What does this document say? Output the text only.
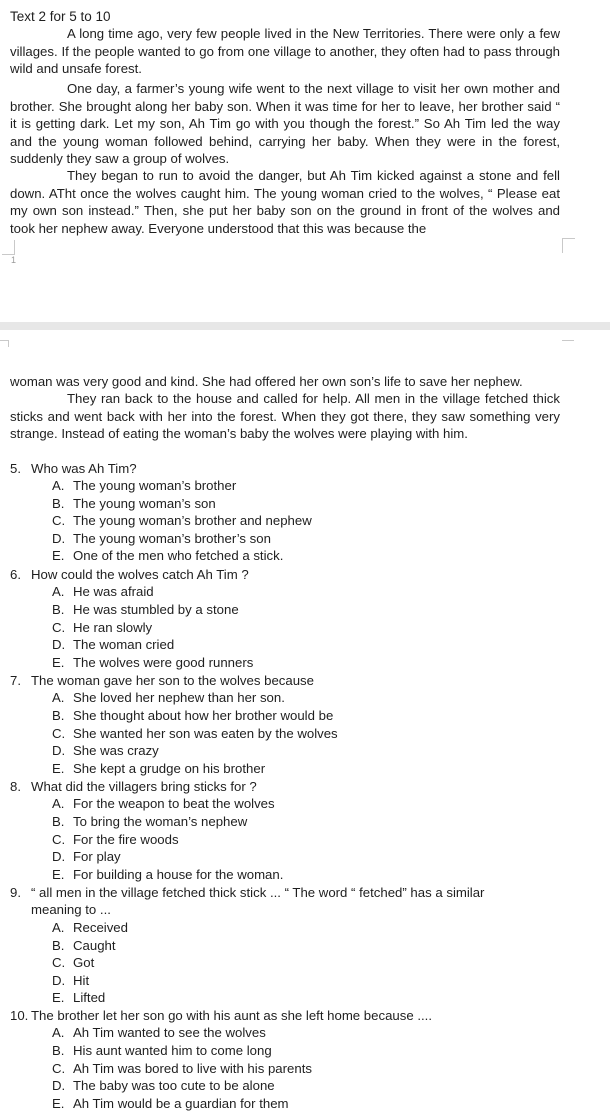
Text 2 for 5 to 10

A long time ago, very few people lived in the New Territories. There were only a few villages. If the people wanted to go from one village to another, they often had to pass through wild and unsafe forest.

One day, a farmer’s young wife went to the next village to visit her own mother and brother. She brought along her baby son. When it was time for her to leave, her brother said “ it is getting dark. Let my son, Ah Tim go with you though the forest.” So Ah Tim led the way and the young woman followed behind, carrying her baby. When they were in the forest, suddenly they saw a group of wolves.

They began to run to avoid the danger, but Ah Tim kicked against a stone and fell down. ATht once the wolves caught him. The young woman cried to the wolves, “ Please eat my own son instead.” Then, she put her baby son on the ground in front of the wolves and took her nephew away. Everyone understood that this was because the

1

woman was very good and kind. She had offered her own son’s life to save her nephew.

They ran back to the house and called for help. All men in the village fetched thick sticks and went back with her into the forest. When they got there, they saw something very strange. Instead of eating the woman’s baby the wolves were playing with him.

5. Who was Ah Tim?
A. The young woman’s brother
B. The young woman’s son
C. The young woman’s brother and nephew
D. The young woman’s brother’s son
E. One of the men who fetched a stick.
6. How could the wolves catch Ah Tim ?
A. He was afraid
B. He was stumbled by a stone
C. He ran slowly
D. The woman cried
E. The wolves were good runners
7. The woman gave her son to the wolves because
A. She loved her nephew than her son.
B. She thought about how her brother would be
C. She wanted her son was eaten by the wolves
D. She was crazy
E. She kept a grudge on his brother
8. What did the villagers bring sticks for ?
A. For the weapon to beat the wolves
B. To bring the woman’s nephew
C. For the fire woods
D. For play
E. For building a house for the woman.
9. “ all men in the village fetched thick stick ... “ The word “ fetched” has a similar
meaning to ...
A. Received
B. Caught
C. Got
D. Hit
E. Lifted
10. The brother let her son go with his aunt as she left home because ....
A. Ah Tim wanted to see the wolves
B. His aunt wanted him to come long
C. Ah Tim was bored to live with his parents
D. The baby was too cute to be alone
E. Ah Tim would be a guardian for them
